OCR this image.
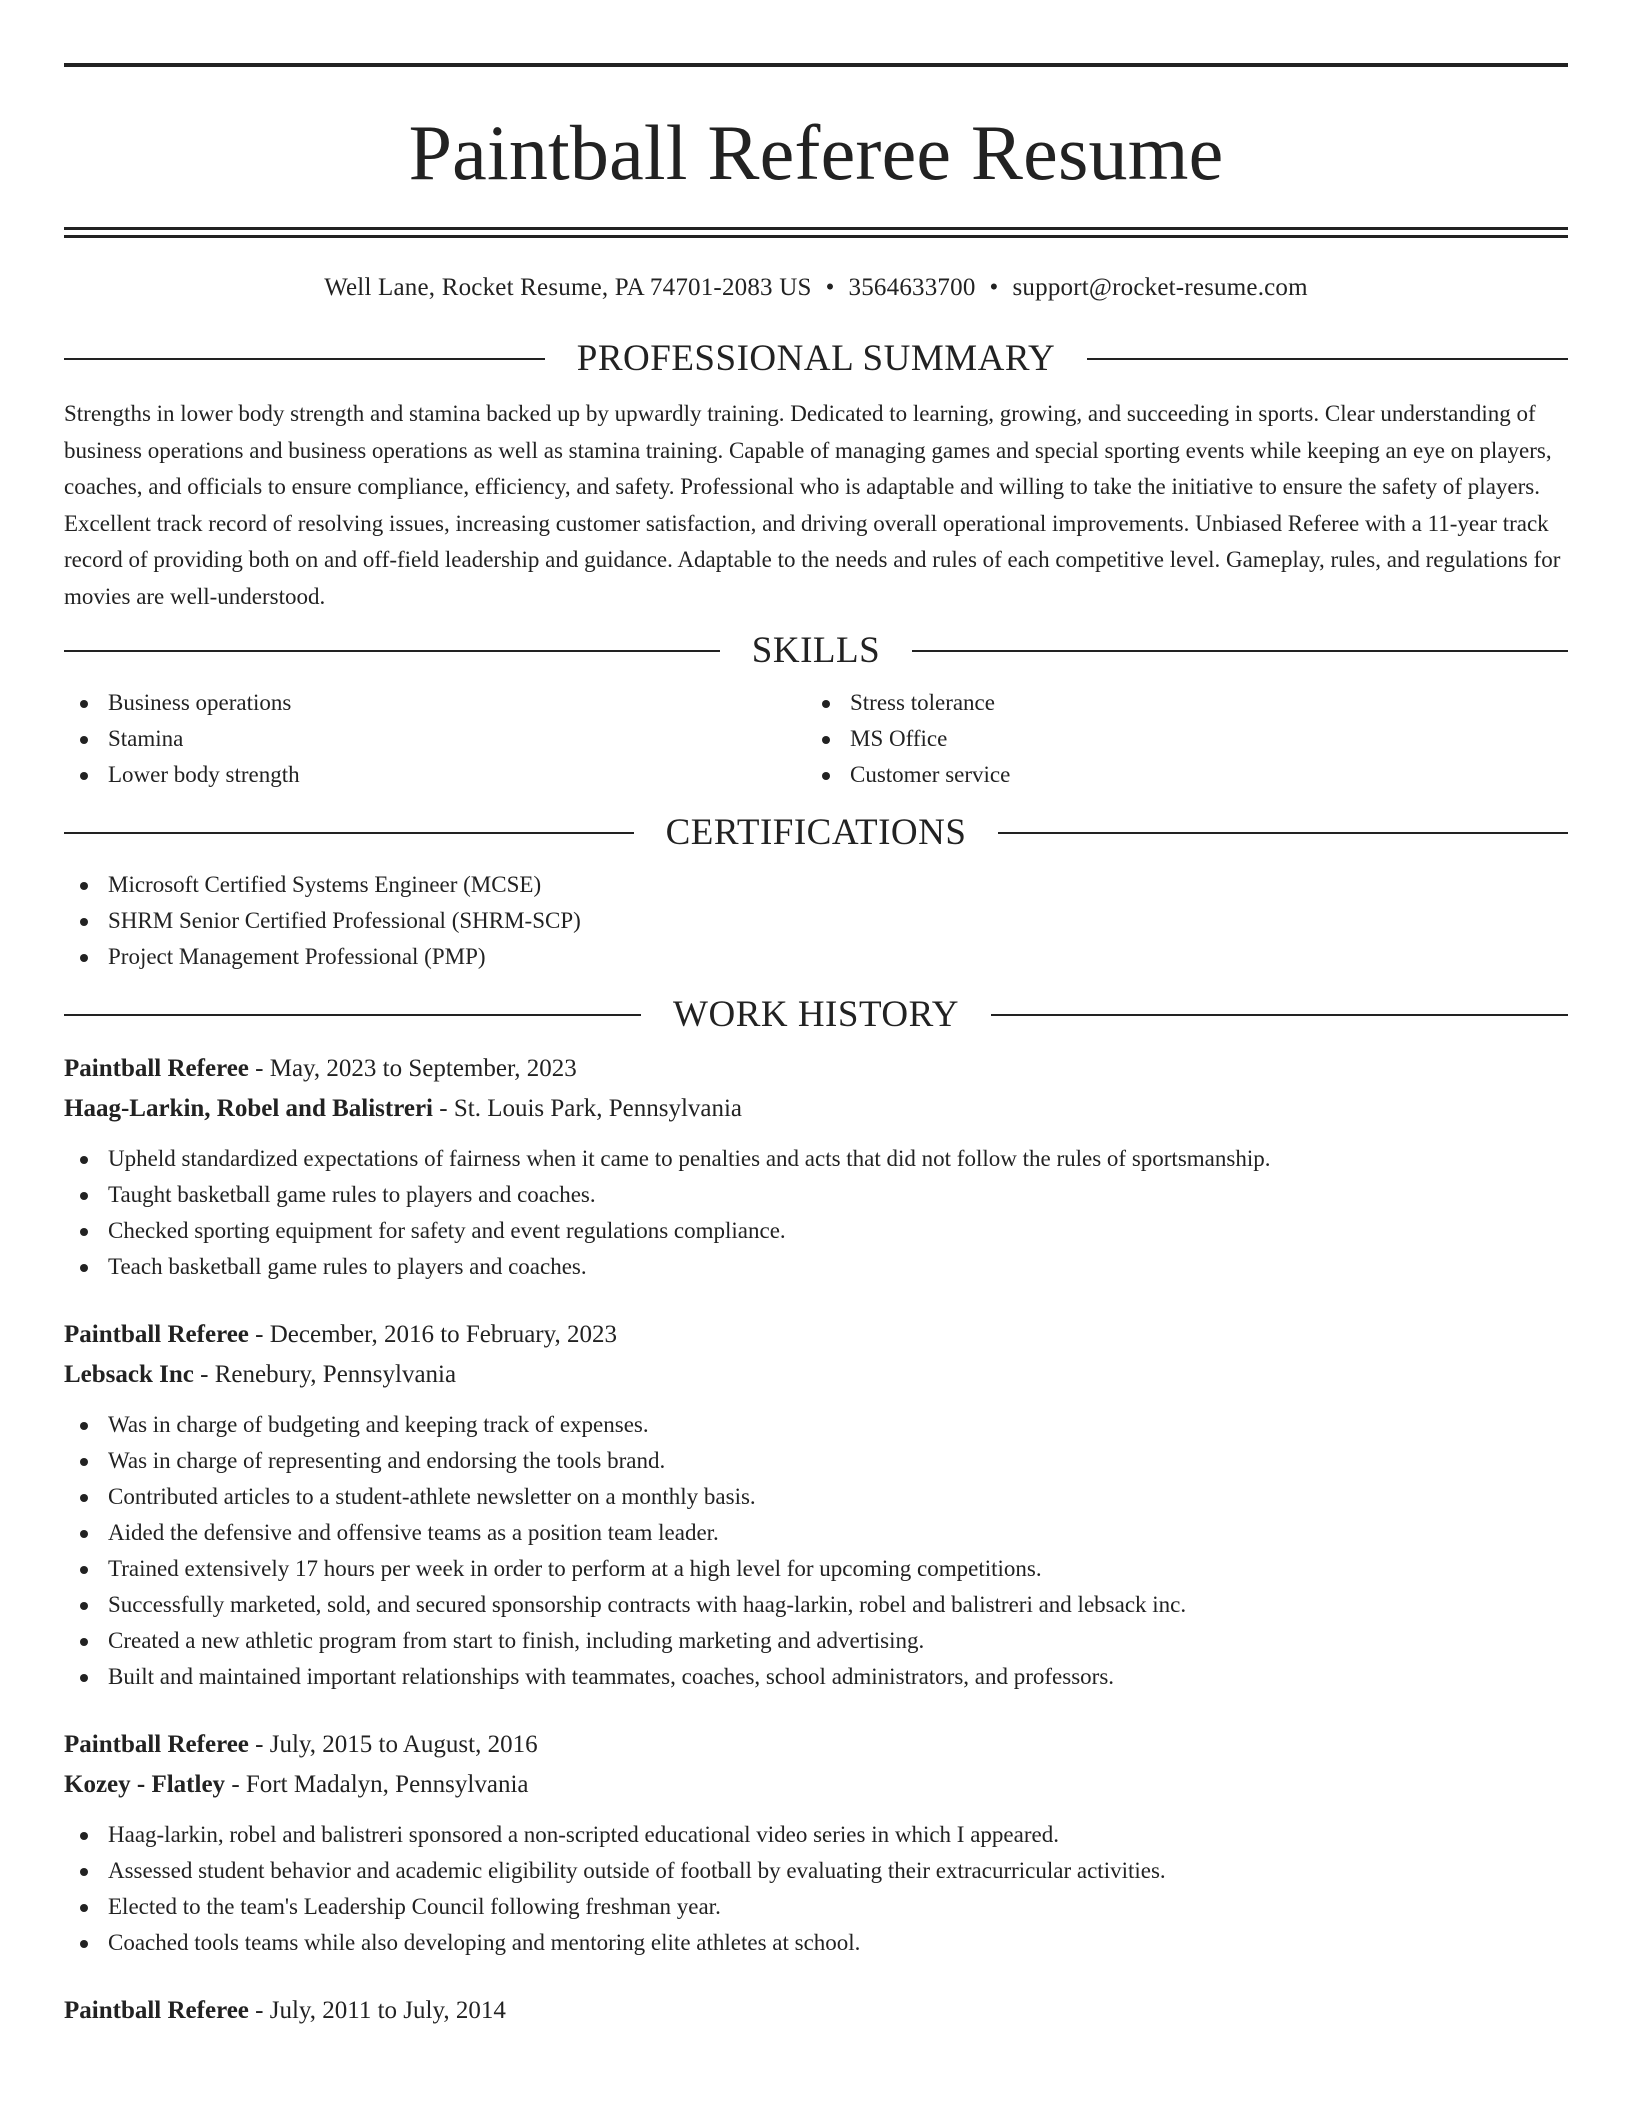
Paintball Referee Resume
Well Lane, Rocket Resume, PA 74701-2083 US • 3564633700 • support@rocket-resume.com
PROFESSIONAL SUMMARY

Strengths in lower body strength and stamina backed up by upwardly training. Dedicated to learning, growing, and succeeding in sports. Clear understanding of business operations and business operations as well as stamina training. Capable of managing games and special sporting events while keeping an eye on players, coaches, and officials to ensure compliance, efficiency, and safety. Professional who is adaptable and willing to take the initiative to ensure the safety of players. Excellent track record of resolving issues, increasing customer satisfaction, and driving overall operational improvements. Unbiased Referee with a 11-year track record of providing both on and off-field leadership and guidance. Adaptable to the needs and rules of each competitive level. Gameplay, rules, and regulations for movies are well-understood.

SKILLS
Business operations
Stamina
Lower body strength
Stress tolerance
MS Office
Customer service
CERTIFICATIONS
Microsoft Certified Systems Engineer (MCSE)
SHRM Senior Certified Professional (SHRM-SCP)
Project Management Professional (PMP)
WORK HISTORY

Paintball Referee - May, 2023 to September, 2023

Haag-Larkin, Robel and Balistreri - St. Louis Park, Pennsylvania

Upheld standardized expectations of fairness when it came to penalties and acts that did not follow the rules of sportsmanship.
Taught basketball game rules to players and coaches.
Checked sporting equipment for safety and event regulations compliance.
Teach basketball game rules to players and coaches.

Paintball Referee - December, 2016 to February, 2023

Lebsack Inc - Renebury, Pennsylvania

Was in charge of budgeting and keeping track of expenses.
Was in charge of representing and endorsing the tools brand.
Contributed articles to a student-athlete newsletter on a monthly basis.
Aided the defensive and offensive teams as a position team leader.
Trained extensively 17 hours per week in order to perform at a high level for upcoming competitions.
Successfully marketed, sold, and secured sponsorship contracts with haag-larkin, robel and balistreri and lebsack inc.
Created a new athletic program from start to finish, including marketing and advertising.
Built and maintained important relationships with teammates, coaches, school administrators, and professors.

Paintball Referee - July, 2015 to August, 2016

Kozey - Flatley - Fort Madalyn, Pennsylvania

Haag-larkin, robel and balistreri sponsored a non-scripted educational video series in which I appeared.
Assessed student behavior and academic eligibility outside of football by evaluating their extracurricular activities.
Elected to the team's Leadership Council following freshman year.
Coached tools teams while also developing and mentoring elite athletes at school.

Paintball Referee - July, 2011 to July, 2014
